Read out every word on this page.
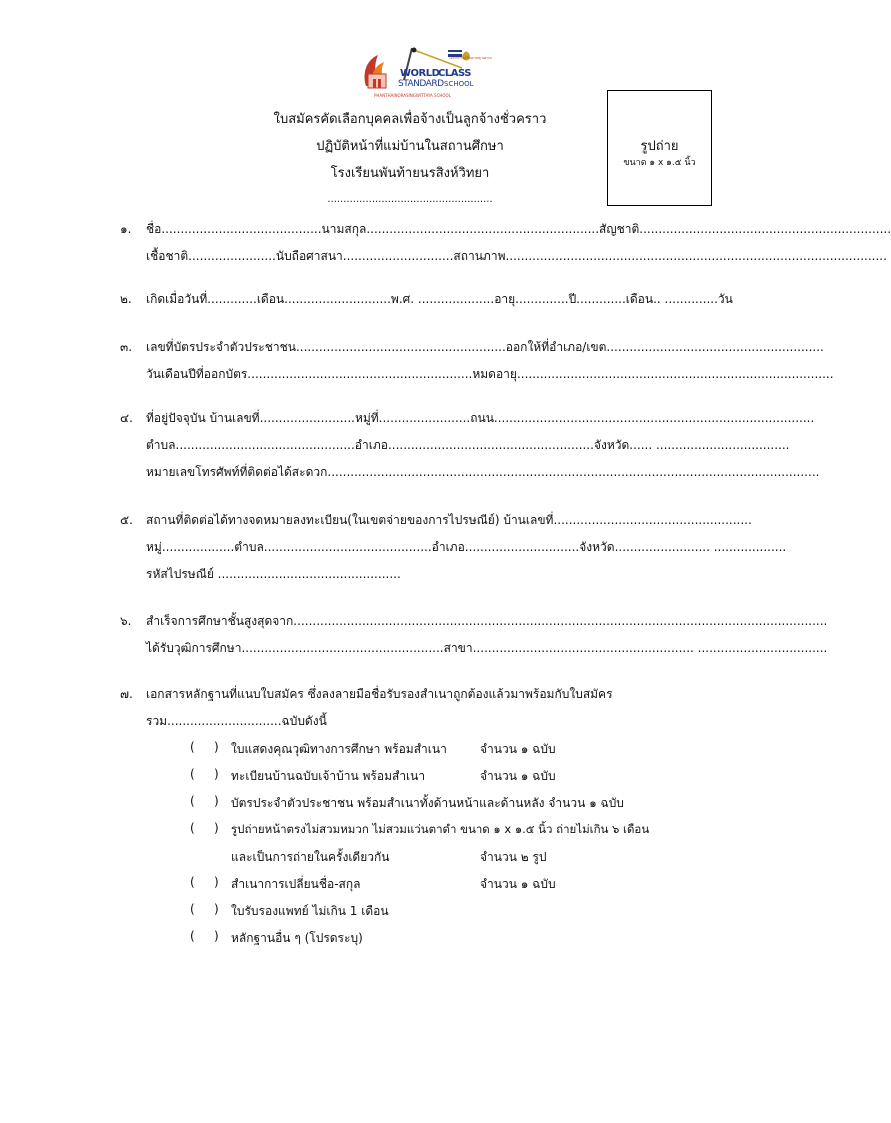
โครงการโรงเรียนมาตรฐานสากล
WORLD
CLASS
STANDARD SCHOOL
PHANTHAINORASINGWITTAYA SCHOOL
ใบสมัครคัดเลือกบุคคลเพื่อจ้างเป็นลูกจ้างชั่วคราว
ปฏิบัติหน้าที่แม่บ้านในสถานศึกษา
โรงเรียนพันท้ายนรสิงห์วิทยา
....................................................
รูปถ่าย
ขนาด ๑ x ๑.๕ นิ้ว
๑. ชื่อ..........................................นามสกุล.............................................................สัญชาติ..................................................................
เชื้อชาติ.......................นับถือศาสนา.............................สถานภาพ....................................................................................................
๒. เกิดเมื่อวันที่.............เดือน............................พ.ศ. ....................อายุ..............ปี.............เดือน.. ..............วัน
๓. เลขที่บัตรประจำตัวประชาชน.......................................................ออกให้ที่อำเภอ/เขต.........................................................
วันเดือนปีที่ออกบัตร...........................................................หมดอายุ...................................................................................
๔. ที่อยู่ปัจจุบัน บ้านเลขที่.........................หมู่ที่........................ถนน....................................................................................
ตำบล...............................................อำเภอ......................................................จังหวัด...... ...................................
หมายเลขโทรศัพท์ที่ติดต่อได้สะดวก.................................................................................................................................
๕. สถานที่ติดต่อได้ทางจดหมายลงทะเบียน(ในเขตจ่ายของการไปรษณีย์) บ้านเลขที่....................................................
หมู่...................ตำบล............................................อำเภอ..............................จังหวัด......................... ...................
รหัสไปรษณีย์ ................................................
๖. สำเร็จการศึกษาชั้นสูงสุดจาก............................................................................................................................................
ได้รับวุฒิการศึกษา.....................................................สาขา.......................................................... ..................................
๗. เอกสารหลักฐานที่แนบใบสมัคร ซึ่งลงลายมือชื่อรับรองสำเนาถูกต้องแล้วมาพร้อมกับใบสมัคร
รวม..............................ฉบับดังนี้
( ) ใบแสดงคุณวุฒิทางการศึกษา พร้อมสำเนา	จำนวน ๑ ฉบับ
( ) ทะเบียนบ้านฉบับเจ้าบ้าน พร้อมสำเนา	จำนวน ๑ ฉบับ
( ) บัตรประจำตัวประชาชน พร้อมสำเนาทั้งด้านหน้าและด้านหลัง จำนวน ๑ ฉบับ
( ) รูปถ่ายหน้าตรงไม่สวมหมวก ไม่สวมแว่นตาดำ ขนาด ๑ x ๑.๕ นิ้ว ถ่ายไม่เกิน ๖ เดือน
และเป็นการถ่ายในครั้งเดียวกัน	จำนวน ๒ รูป
( ) สำเนาการเปลี่ยนชื่อ-สกุล	จำนวน ๑ ฉบับ
( ) ใบรับรองแพทย์ ไม่เกิน 1 เดือน
( ) หลักฐานอื่น ๆ (โปรดระบุ)
